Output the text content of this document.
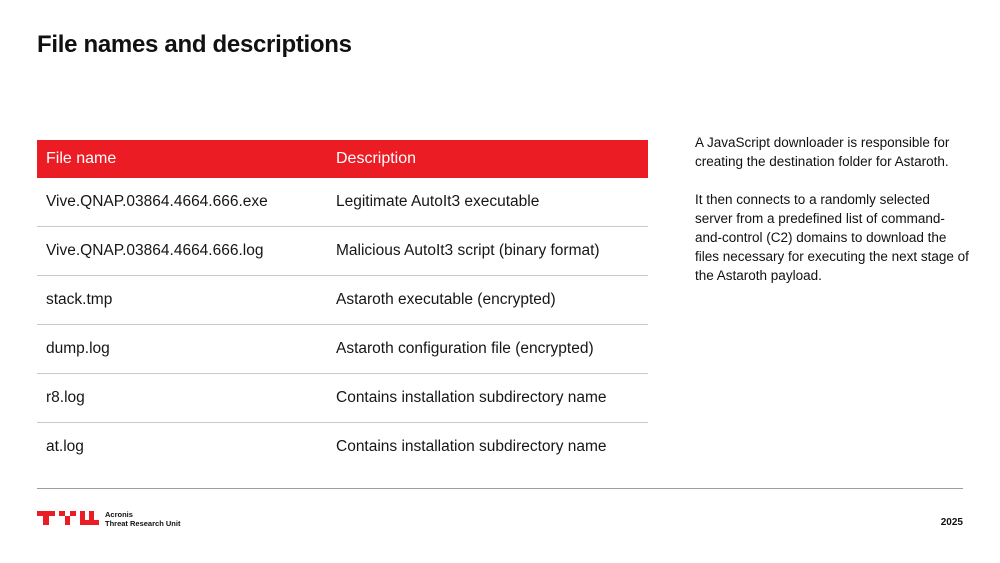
File names and descriptions
File name	Description
Vive.QNAP.03864.4664.666.exe	Legitimate AutoIt3 executable
Vive.QNAP.03864.4664.666.log	Malicious AutoIt3 script (binary format)
stack.tmp	Astaroth executable (encrypted)
dump.log	Astaroth configuration file (encrypted)
r8.log	Contains installation subdirectory name
at.log	Contains installation subdirectory name

A JavaScript downloader is responsible for creating the destination folder for Astaroth.

It then connects to a randomly selected server from a predefined list of command-and-control (C2) domains to download the files necessary for executing the next stage of the Astaroth payload.

Acronis
Threat Research Unit	2025
